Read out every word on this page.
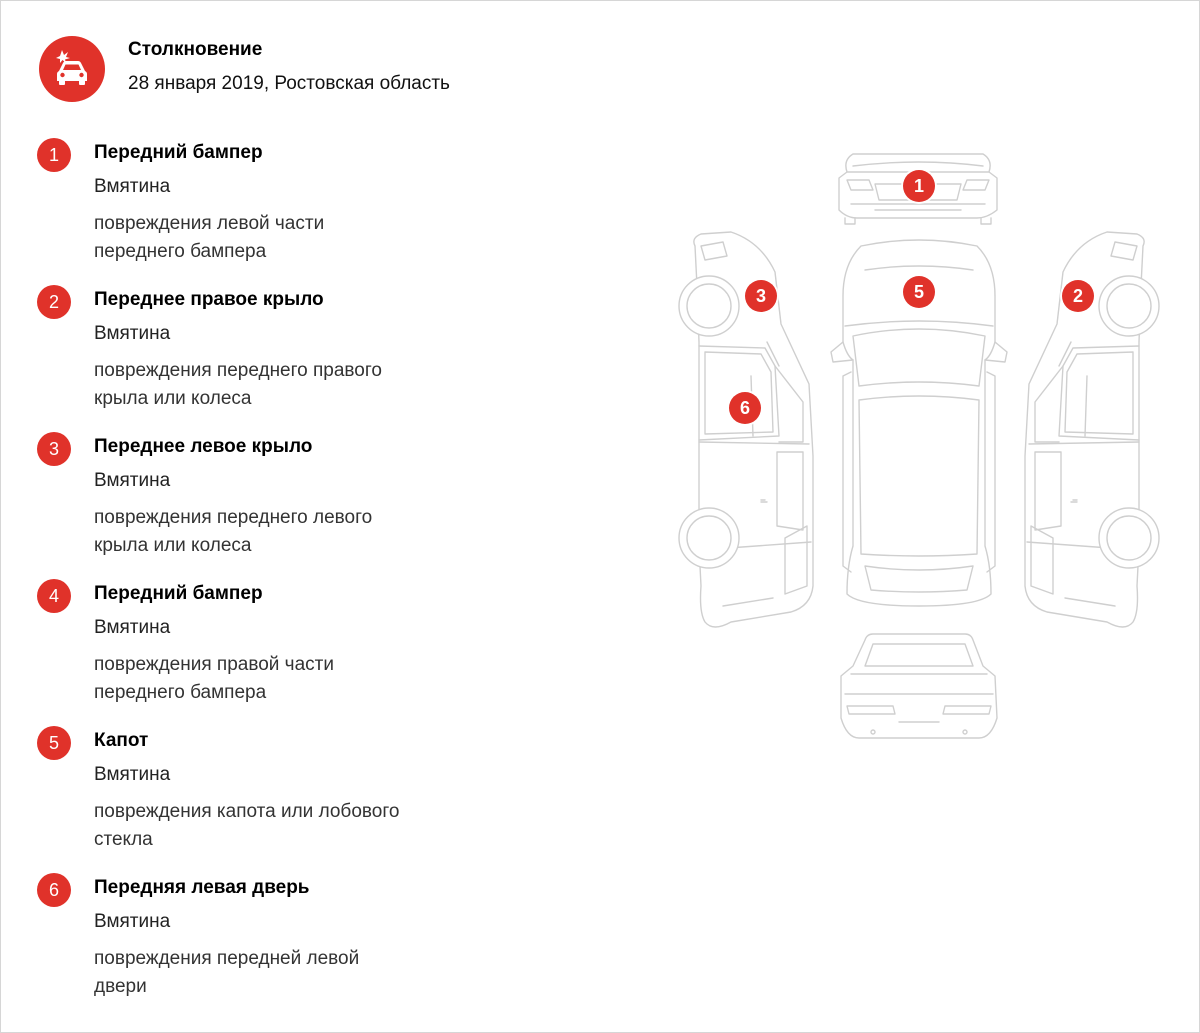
Столкновение
28 января 2019, Ростовская область
1	Передний бампер
Вмятина
повреждения левой части переднего бампера
2	Переднее правое крыло
Вмятина
повреждения переднего правого крыла или колеса
3	Переднее левое крыло
Вмятина
повреждения переднего левого крыла или колеса
4	Передний бампер
Вмятина
повреждения правой части переднего бампера
5	Капот
Вмятина
повреждения капота или лобового стекла
6	Передняя левая дверь
Вмятина
повреждения передней левой двери
1
2
3	5
6
